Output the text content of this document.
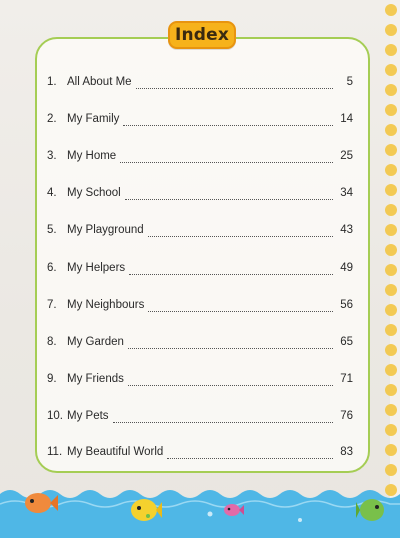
Index
1. All About Me	5
2. My Family	14
3. My Home	25
4. My School	34
5. My Playground	43
6. My Helpers	49
7. My Neighbours	56
8. My Garden	65
9. My Friends	71
10. My Pets	76
11. My Beautiful World	83
